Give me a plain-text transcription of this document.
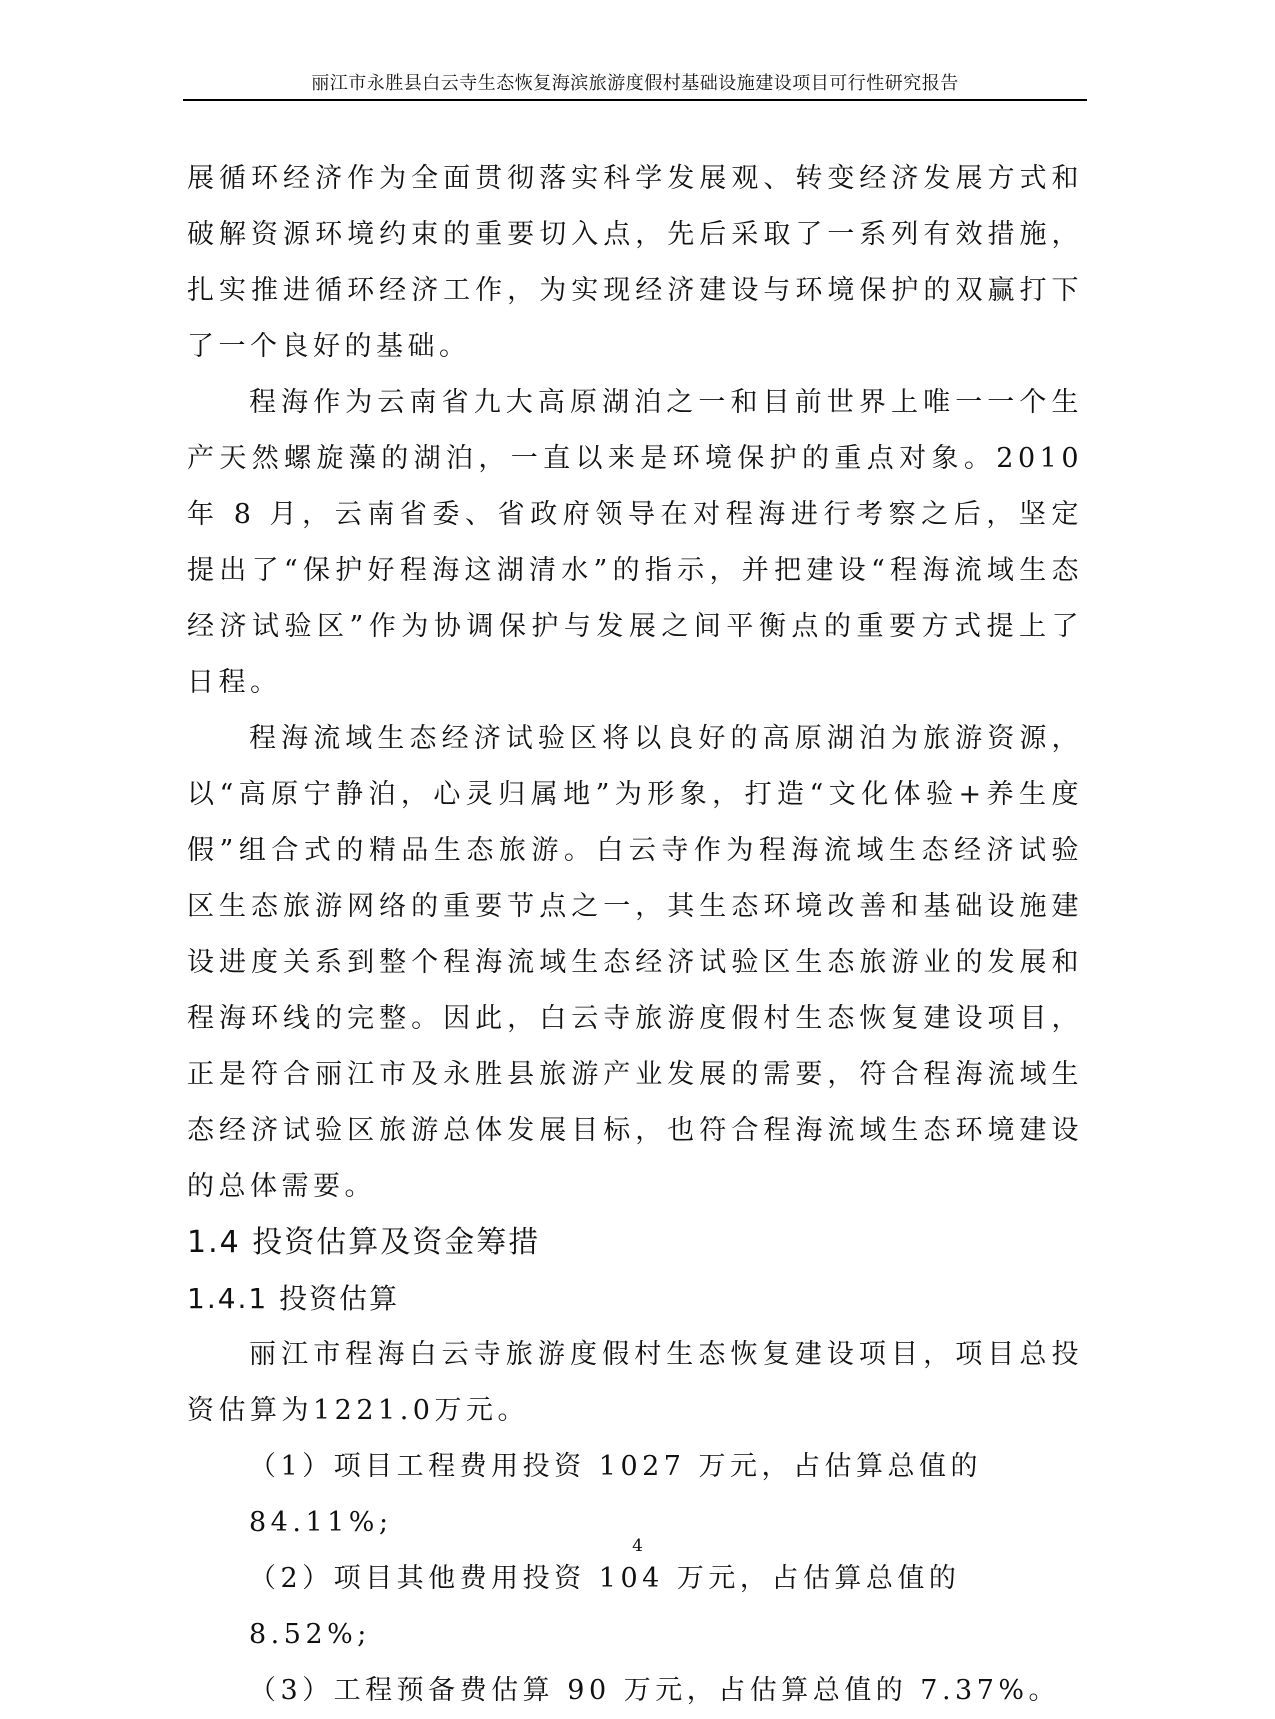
丽江市永胜县白云寺生态恢复海滨旅游度假村基础设施建设项目可行性研究报告

展循环经济作为全面贯彻落实科学发展观、转变经济发展方式和破解资源环境约束的重要切入点，先后采取了一系列有效措施，扎实推进循环经济工作，为实现经济建设与环境保护的双赢打下了一个良好的基础。

程海作为云南省九大高原湖泊之一和目前世界上唯一一个生产天然螺旋藻的湖泊，一直以来是环境保护的重点对象。2010 年 8 月，云南省委、省政府领导在对程海进行考察之后，坚定提出了“保护好程海这湖清水”的指示，并把建设“程海流域生态经济试验区”作为协调保护与发展之间平衡点的重要方式提上了日程。

程海流域生态经济试验区将以良好的高原湖泊为旅游资源，以“高原宁静泊，心灵归属地”为形象，打造“文化体验+养生度假”组合式的精品生态旅游。白云寺作为程海流域生态经济试验区生态旅游网络的重要节点之一，其生态环境改善和基础设施建设进度关系到整个程海流域生态经济试验区生态旅游业的发展和程海环线的完整。因此，白云寺旅游度假村生态恢复建设项目，正是符合丽江市及永胜县旅游产业发展的需要，符合程海流域生态经济试验区旅游总体发展目标，也符合程海流域生态环境建设的总体需要。

1.4 投资估算及资金筹措
1.4.1 投资估算

丽江市程海白云寺旅游度假村生态恢复建设项目，项目总投资估算为1221.0万元。

（1）项目工程费用投资 1027 万元，占估算总值的 84.11%;

（2）项目其他费用投资 104 万元，占估算总值的 8.52%;

（3）工程预备费估算 90 万元，占估算总值的 7.37%。

4
